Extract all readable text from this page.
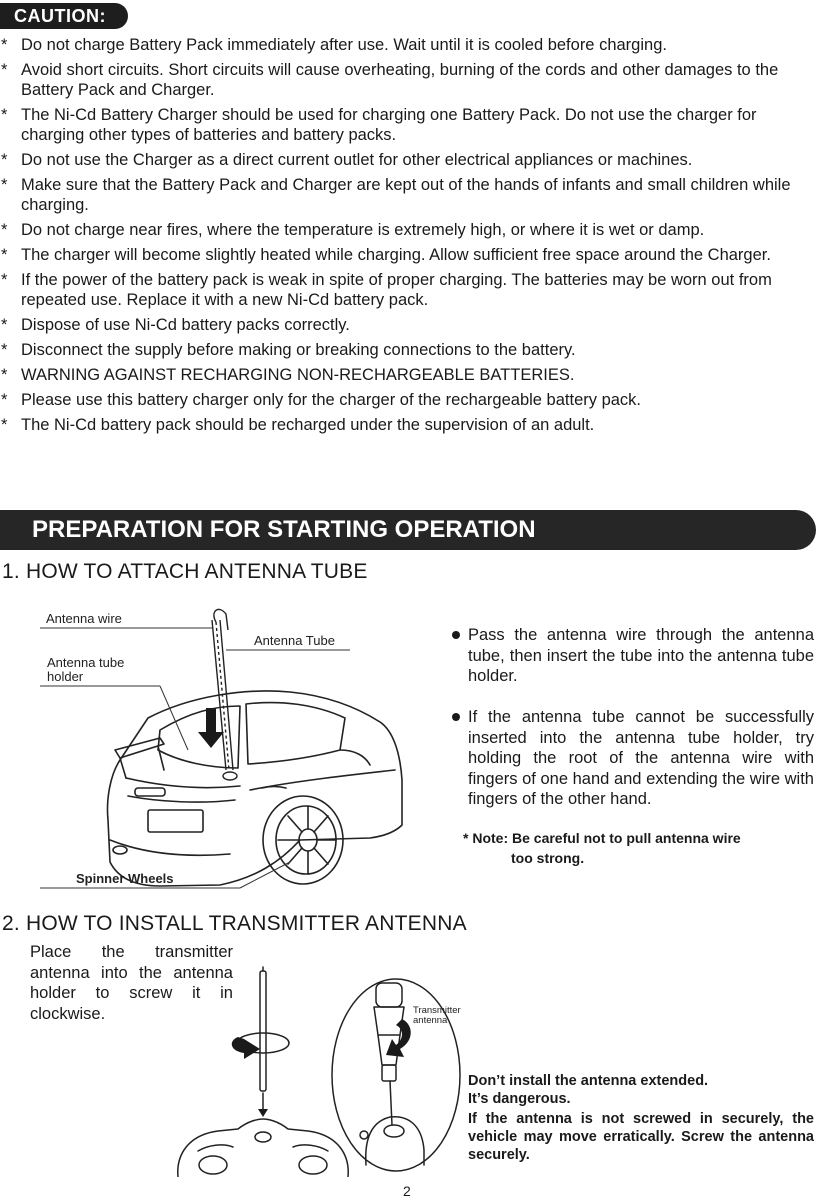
CAUTION:
* Do not charge Battery Pack immediately after use. Wait until it is cooled before charging.
* Avoid short circuits. Short circuits will cause overheating, burning of the cords and other damages to the Battery Pack and Charger.
* The Ni-Cd Battery Charger should be used for charging one Battery Pack. Do not use the charger for charging other types of batteries and battery packs.
* Do not use the Charger as a direct current outlet for other electrical appliances or machines.
* Make sure that the Battery Pack and Charger are kept out of the hands of infants and small children while charging.
* Do not charge near fires, where the temperature is extremely high, or where it is wet or damp.
* The charger will become slightly heated while charging. Allow sufficient free space around the Charger.
* If the power of the battery pack is weak in spite of proper charging. The batteries may be worn out from repeated use. Replace it with a new Ni-Cd battery pack.
* Dispose of use Ni-Cd battery packs correctly.
* Disconnect the supply before making or breaking connections to the battery.
* WARNING AGAINST RECHARGING NON-RECHARGEABLE BATTERIES.
* Please use this battery charger only for the charger of the rechargeable battery pack.
* The Ni-Cd battery pack should be recharged under the supervision of an adult.
PREPARATION FOR STARTING OPERATION
1. HOW TO ATTACH ANTENNA TUBE
Antenna wire
Antenna Tube
Antenna tube
holder
Spinner Wheels
Pass the antenna wire through the antenna tube, then insert the tube into the antenna tube holder.
If the antenna tube cannot be successfully inserted into the antenna tube holder, try holding the root of the antenna wire with fingers of one hand and extending the wire with fingers of the other hand.
* Note: Be careful not to pull antenna wire
too strong.
2. HOW TO INSTALL TRANSMITTER ANTENNA
Place the transmitter antenna into the antenna holder to screw it in clockwise.	Transmitter
antenna

Don’t install the antenna extended.

It’s dangerous.

If the antenna is not screwed in securely, the vehicle may move erratically. Screw the antenna securely.

2
